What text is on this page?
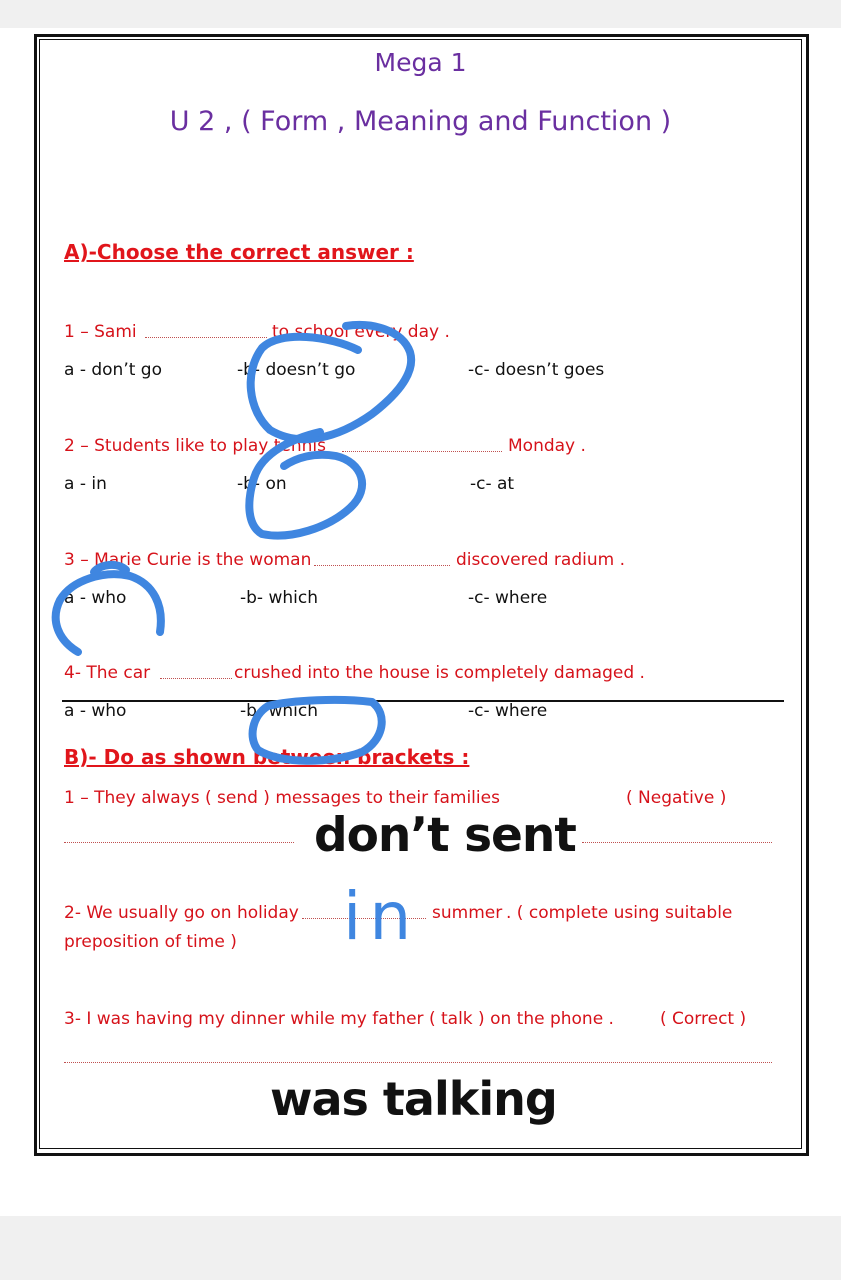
Mega 1
U 2 , ( Form , Meaning and Function )
A)-Choose the correct answer :
1 – Sami	to school every day .
a - don’t go	-b- doesn’t go	-c- doesn’t goes
2 – Students like to play tennis	Monday .
a - in	-b- on	-c- at
3 – Marie Curie is the woman	discovered radium .
a - who	-b- which	-c- where
4- The car	crushed into the house is completely damaged .
a - who	-b- which	-c- where
B)- Do as shown between brackets :
1 – They always ( send ) messages to their families	( Negative )
don’t sent
2- We usually go on holiday	summer . ( complete using suitable
preposition of time ) in
3- I was having my dinner while my father ( talk ) on the phone .	( Correct )
was talking
